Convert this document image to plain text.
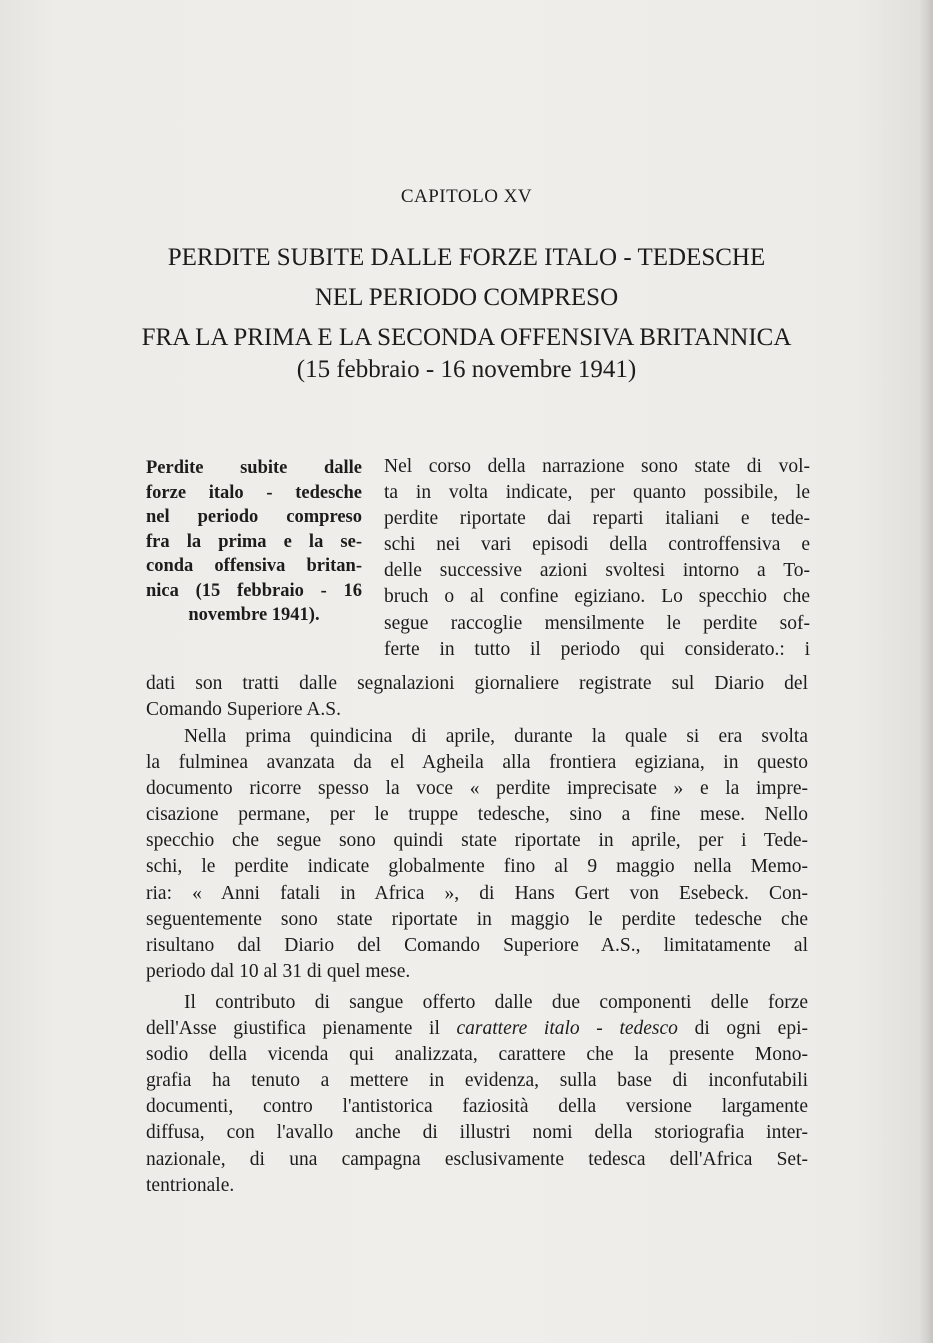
CAPITOLO XV
PERDITE SUBITE DALLE FORZE ITALO - TEDESCHE
NEL PERIODO COMPRESO
FRA LA PRIMA E LA SECONDA OFFENSIVA BRITANNICA
(15 febbraio - 16 novembre 1941)
Perdite subite dalle
forze italo - tedesche
nel periodo compreso
fra la prima e la se-
conda offensiva britan-
nica (15 febbraio - 16
novembre 1941).
Nel corso della narrazione sono state di vol-
ta in volta indicate, per quanto possibile, le
perdite riportate dai reparti italiani e tede-
schi nei vari episodi della controffensiva e
delle successive azioni svoltesi intorno a To-
bruch o al confine egiziano. Lo specchio che
segue raccoglie mensilmente le perdite sof-
ferte in tutto il periodo qui considerato.: i
dati son tratti dalle segnalazioni giornaliere registrate sul Diario del
Comando Superiore A.S.
Nella prima quindicina di aprile, durante la quale si era svolta
la fulminea avanzata da el Agheila alla frontiera egiziana, in questo
documento ricorre spesso la voce « perdite imprecisate » e la impre-
cisazione permane, per le truppe tedesche, sino a fine mese. Nello
specchio che segue sono quindi state riportate in aprile, per i Tede-
schi, le perdite indicate globalmente fino al 9 maggio nella Memo-
ria: « Anni fatali in Africa », di Hans Gert von Esebeck. Con-
seguentemente sono state riportate in maggio le perdite tedesche che
risultano dal Diario del Comando Superiore A.S., limitatamente al
periodo dal 10 al 31 di quel mese.
Il contributo di sangue offerto dalle due componenti delle forze
dell'Asse giustifica pienamente il carattere italo - tedesco di ogni epi-
sodio della vicenda qui analizzata, carattere che la presente Mono-
grafia ha tenuto a mettere in evidenza, sulla base di inconfutabili
documenti, contro l'antistorica faziosità della versione largamente
diffusa, con l'avallo anche di illustri nomi della storiografia inter-
nazionale, di una campagna esclusivamente tedesca dell'Africa Set-
tentrionale.
